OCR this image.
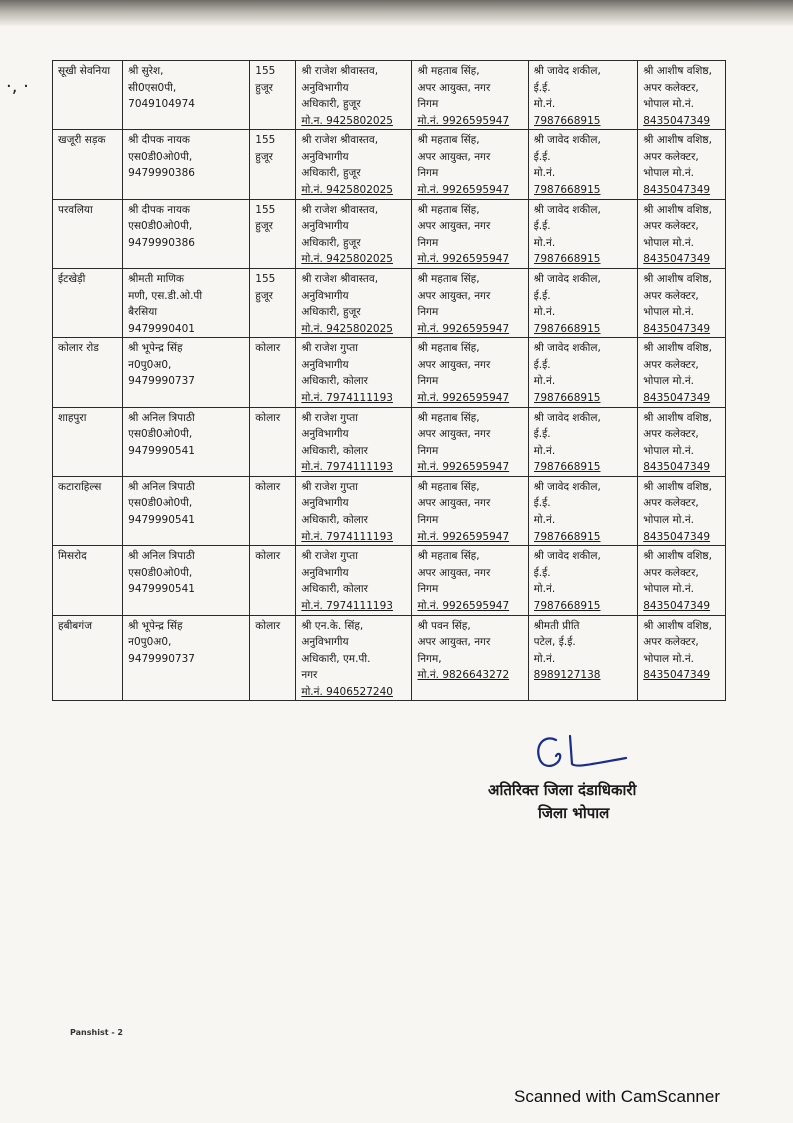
·, ·
सूखी सेवनिया	श्री सुरेश,
सी0एस0पी,
7049104974	155
हुजूर	श्री राजेश श्रीवास्तव,
अनुविभागीय
अधिकारी, हुजूर
मो.न. 9425802025	श्री महताब सिंह,
अपर आयुक्त, नगर
निगम
मो.नं. 9926595947	श्री जावेद शकील,
ई.ई.
मो.नं.
7987668915	श्री आशीष वशिष्ठ,
अपर कलेक्टर,
भोपाल मो.नं.
8435047349

खजूरी सड़क	श्री दीपक नायक
एस0डी0ओ0पी,
9479990386	155
हुजूर	श्री राजेश श्रीवास्तव,
अनुविभागीय
अधिकारी, हुजूर
मो.नं. 9425802025	श्री महताब सिंह,
अपर आयुक्त, नगर
निगम
मो.नं. 9926595947	श्री जावेद शकील,
ई.ई.
मो.नं.
7987668915	श्री आशीष वशिष्ठ,
अपर कलेक्टर,
भोपाल मो.नं.
8435047349

परवलिया	श्री दीपक नायक
एस0डी0ओ0पी,
9479990386	155
हुजूर	श्री राजेश श्रीवास्तव,
अनुविभागीय
अधिकारी, हुजूर
मो.नं. 9425802025	श्री महताब सिंह,
अपर आयुक्त, नगर
निगम
मो.नं. 9926595947	श्री जावेद शकील,
ई.ई.
मो.नं.
7987668915	श्री आशीष वशिष्ठ,
अपर कलेक्टर,
भोपाल मो.नं.
8435047349

ईटखेड़ी	श्रीमती माणिक
मणी, एस.डी.ओ.पी
बैरसिया
9479990401	155
हुजूर	श्री राजेश श्रीवास्तव,
अनुविभागीय
अधिकारी, हुजूर
मो.नं. 9425802025	श्री महताब सिंह,
अपर आयुक्त, नगर
निगम
मो.नं. 9926595947	श्री जावेद शकील,
ई.ई.
मो.नं.
7987668915	श्री आशीष वशिष्ठ,
अपर कलेक्टर,
भोपाल मो.नं.
8435047349

कोलार रोड	श्री भूपेन्द्र सिंह
न0पु0अ0,
9479990737	कोलार	श्री राजेश गुप्ता
अनुविभागीय
अधिकारी, कोलार
मो.नं. 7974111193	श्री महताब सिंह,
अपर आयुक्त, नगर
निगम
मो.नं. 9926595947	श्री जावेद शकील,
ई.ई.
मो.नं.
7987668915	श्री आशीष वशिष्ठ,
अपर कलेक्टर,
भोपाल मो.नं.
8435047349

शाहपुरा	श्री अनिल त्रिपाठी
एस0डी0ओ0पी,
9479990541	कोलार	श्री राजेश गुप्ता
अनुविभागीय
अधिकारी, कोलार
मो.नं. 7974111193	श्री महताब सिंह,
अपर आयुक्त, नगर
निगम
मो.नं. 9926595947	श्री जावेद शकील,
ई.ई.
मो.नं.
7987668915	श्री आशीष वशिष्ठ,
अपर कलेक्टर,
भोपाल मो.नं.
8435047349

कटाराहिल्स	श्री अनिल त्रिपाठी
एस0डी0ओ0पी,
9479990541	कोलार	श्री राजेश गुप्ता
अनुविभागीय
अधिकारी, कोलार
मो.नं. 7974111193	श्री महताब सिंह,
अपर आयुक्त, नगर
निगम
मो.नं. 9926595947	श्री जावेद शकील,
ई.ई.
मो.नं.
7987668915	श्री आशीष वशिष्ठ,
अपर कलेक्टर,
भोपाल मो.नं.
8435047349

मिसरोद	श्री अनिल त्रिपाठी
एस0डी0ओ0पी,
9479990541	कोलार	श्री राजेश गुप्ता
अनुविभागीय
अधिकारी, कोलार
मो.नं. 7974111193	श्री महताब सिंह,
अपर आयुक्त, नगर
निगम
मो.नं. 9926595947	श्री जावेद शकील,
ई.ई.
मो.नं.
7987668915	श्री आशीष वशिष्ठ,
अपर कलेक्टर,
भोपाल मो.नं.
8435047349

हबीबगंज	श्री भूपेन्द्र सिंह
न0पु0अ0,
9479990737	कोलार	श्री एन.के. सिंह,
अनुविभागीय
अधिकारी, एम.पी.
नगर
मो.नं. 9406527240	श्री पवन सिंह,
अपर आयुक्त, नगर
निगम,
मो.नं. 9826643272	श्रीमती प्रीति
पटेल, ई.ई.
मो.नं.
8989127138	श्री आशीष वशिष्ठ,
अपर कलेक्टर,
भोपाल मो.नं.
8435047349
अतिरिक्त जिला दंडाधिकारी
जिला भोपाल
Panshist - 2
Scanned with CamScanner
